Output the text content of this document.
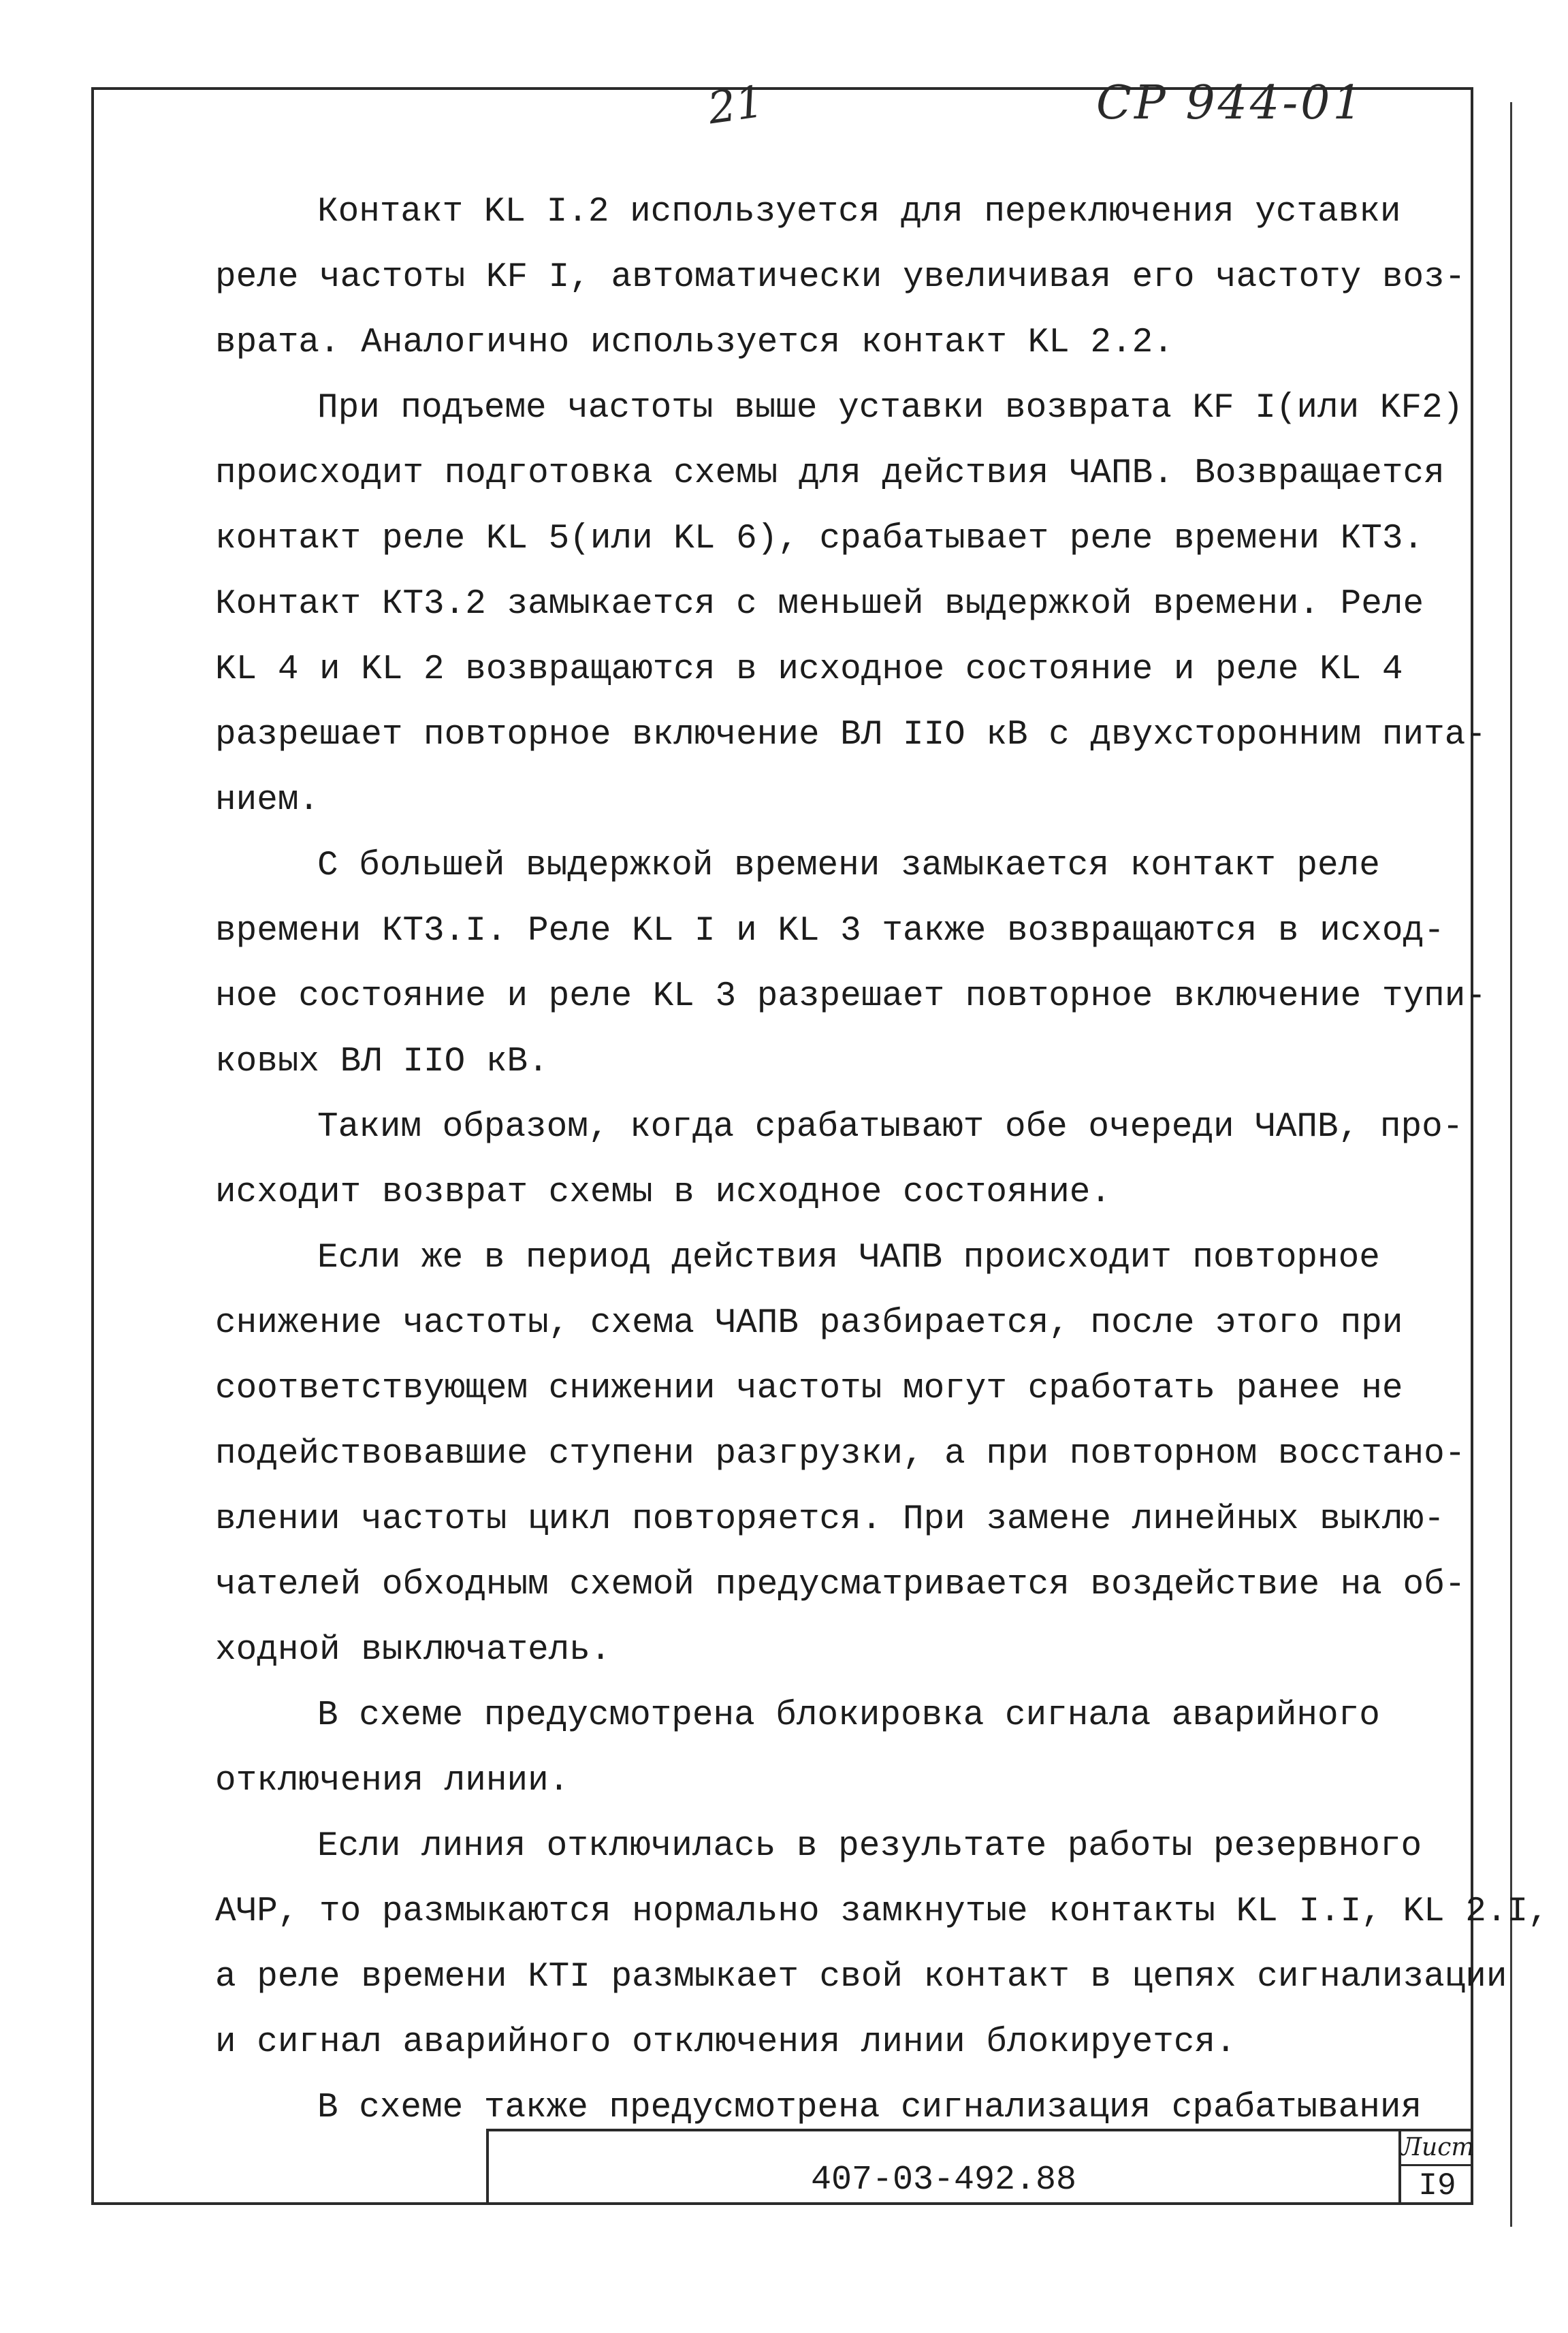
21	СР 944-01
Контакт KL I.2 используется для переключения уставки
реле частоты KF I, автоматически увеличивая его частоту воз-
врата. Аналогично используется контакт KL 2.2.
При подъеме частоты выше уставки возврата KF I(или KF2)
происходит подготовка схемы для действия ЧАПВ. Возвращается
контакт реле KL 5(или KL 6), срабатывает реле времени КТ3.
Контакт КТ3.2 замыкается с меньшей выдержкой времени. Реле
KL 4 и KL 2 возвращаются в исходное состояние и реле KL 4
разрешает повторное включение ВЛ IIO кВ с двухсторонним пита-
нием.
С большей выдержкой времени замыкается контакт реле
времени КТ3.I. Реле KL I и KL 3 также возвращаются в исход-
ное состояние и реле KL 3 разрешает повторное включение тупи-
ковых ВЛ IIO кВ.
Таким образом, когда срабатывают обе очереди ЧАПВ, про-
исходит возврат схемы в исходное состояние.
Если же в период действия ЧАПВ происходит повторное
снижение частоты, схема ЧАПВ разбирается, после этого при
соответствующем снижении частоты могут сработать ранее не
подействовавшие ступени разгрузки, а при повторном восстано-
влении частоты цикл повторяется. При замене линейных выклю-
чателей обходным схемой предусматривается воздействие на об-
ходной выключатель.
В схеме предусмотрена блокировка сигнала аварийного
отключения линии.
Если линия отключилась в результате работы резервного
АЧР, то размыкаются нормально замкнутые контакты KL I.I, KL 2.I,
а реле времени КТI размыкает свой контакт в цепях сигнализации
и сигнал аварийного отключения линии блокируется.
В схеме также предусмотрена сигнализация срабатывания
407-03-492.88
Лист
I9
